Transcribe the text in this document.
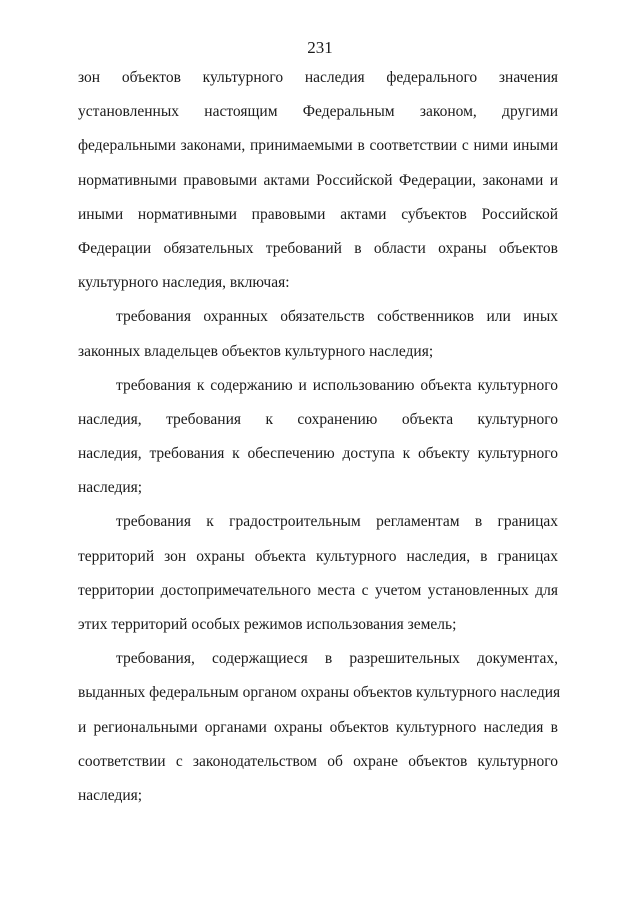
231
зон объектов культурного наследия федерального значения
установленных настоящим Федеральным законом, другими
федеральными законами, принимаемыми в соответствии с ними иными
нормативными правовыми актами Российской Федерации, законами и
иными нормативными правовыми актами субъектов Российской
Федерации обязательных требований в области охраны объектов
культурного наследия, включая:
требования охранных обязательств собственников или иных
законных владельцев объектов культурного наследия;
требования к содержанию и использованию объекта культурного
наследия, требования к сохранению объекта культурного
наследия, требования к обеспечению доступа к объекту культурного
наследия;
требования к градостроительным регламентам в границах
территорий зон охраны объекта культурного наследия, в границах
территории достопримечательного места с учетом установленных для
этих территорий особых режимов использования земель;
требования, содержащиеся в разрешительных документах,
выданных федеральным органом охраны объектов культурного наследия
и региональными органами охраны объектов культурного наследия в
соответствии с законодательством об охране объектов культурного
наследия;
